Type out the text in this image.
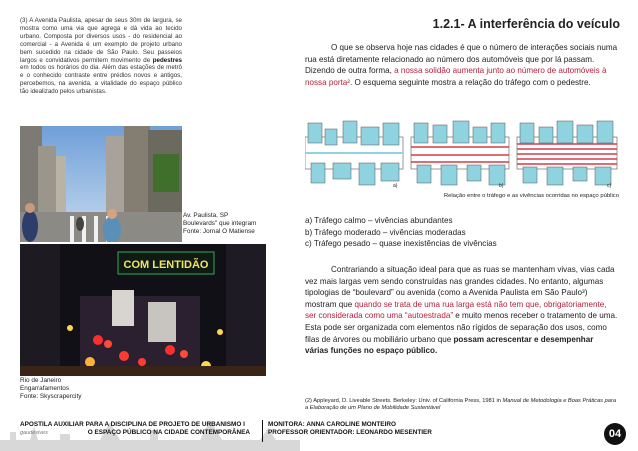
(3) A Avenida Paulista, apesar de seus 30m de largura, se mostra como uma via que agrega e dá vida ao tecido urbano. Composta por diversos usos - do residencial ao comercial - a Avenida é um exemplo de projeto urbano bem sucedido na cidade de São Paulo. Seu passeios largos e convidativos permitem movimento de pedestres em todos os horários do dia. Além das estações de metrô e o conhecido contraste entre prédios novos e antigos, percebemos, na avenida, a vitalidade do espaço público tão idealizado pelos urbanistas.
Av. Paulista, SP
Boulevards" que integram
Fonte: Jornal O Matiense
COM LENTIDÃO
Rio de Janeiro
Engarrafamentos
Fonte: Skyscrapercity
1.2.1- A interferência do veículo
O que se observa hoje nas cidades é que o número de interações sociais numa rua está diretamente relacionado ao número dos automóveis que por lá passam. Dizendo de outra forma, a nossa solidão aumenta junto ao número de automóveis à nossa porta². O esquema seguinte mostra a relação do tráfego com o pedestre.
a)	b)	c)
Relação entre o tráfego e as vivências ocorridas no espaço público
a) Tráfego calmo – vivências abundantes
b) Tráfego moderado – vivências moderadas
c) Tráfego pesado – quase inexistências de vivências
Contrariando a situação ideal para que as ruas se mantenham vivas, vias cada vez mais largas vem sendo construídas nas grandes cidades. No entanto, algumas tipologias de “boulevard” ou avenida (como a Avenida Paulista em São Paulo³) mostram que quando se trata de uma rua larga está não tem que, obrigatoriamente, ser considerada como uma “autoestrada” e muito menos receber o tratamento de uma. Esta pode ser organizada com elementos não rígidos de separação dos usos, como filas de árvores ou mobiliário urbano que possam acrescentar e desempenhar várias funções no espaço público.
(2) Appleyard, D. Liveable Streets. Berkeley: Univ. of California Press, 1981 in Manual de Metodologia e Boas Práticas para a Elaboração de um Plano de Mobilidade Sustentável
APOSTILA AUXILIAR PARA A DISCIPLINA DE PROJETO DE URBANISMO I
gaudesives	O ESPAÇO PÚBLICO NA CIDADE CONTEMPORÂNEA
MONITORA: ANNA CAROLINE MONTEIRO
PROFESSOR ORIENTADOR: LEONARDO MESENTIER	04
